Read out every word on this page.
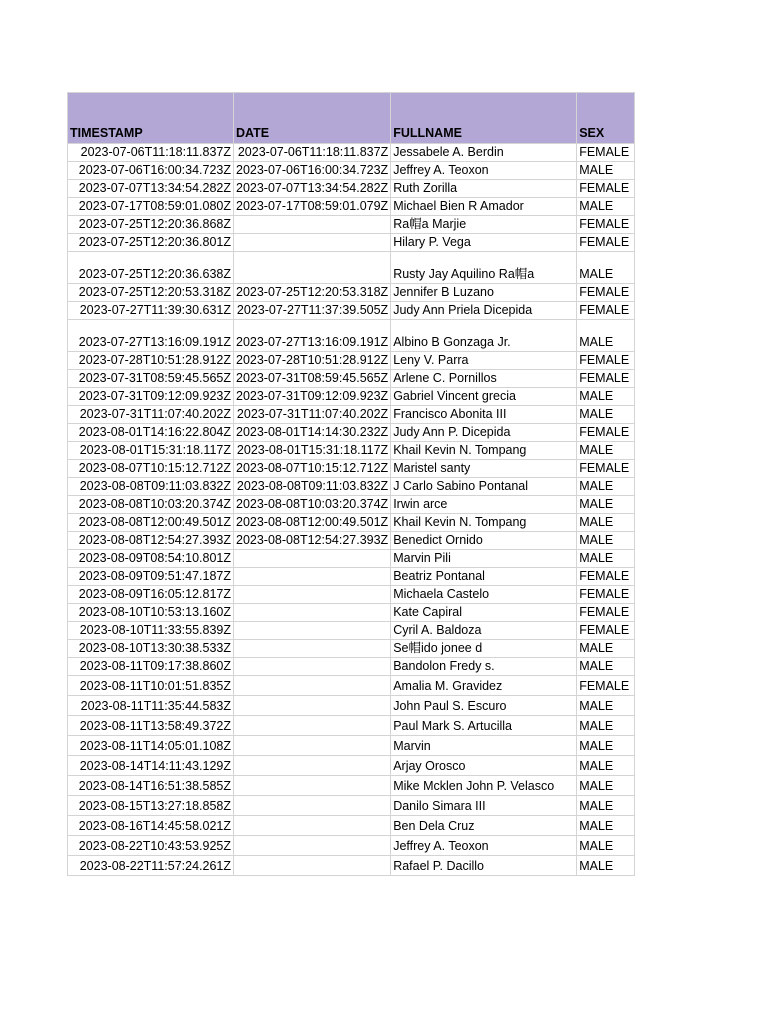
TIMESTAMP	DATE	FULLNAME	SEX
2023-07-06T11:18:11.837Z	2023-07-06T11:18:11.837Z	Jessabele A. Berdin	FEMALE
2023-07-06T16:00:34.723Z	2023-07-06T16:00:34.723Z	Jeffrey A. Teoxon	MALE
2023-07-07T13:34:54.282Z	2023-07-07T13:34:54.282Z	Ruth Zorilla	FEMALE
2023-07-17T08:59:01.080Z	2023-07-17T08:59:01.079Z	Michael Bien R Amador	MALE
2023-07-25T12:20:36.868Z		Ra帽a Marjie	FEMALE
2023-07-25T12:20:36.801Z		Hilary P. Vega	FEMALE
2023-07-25T12:20:36.638Z		Rusty Jay Aquilino Ra帽a	MALE
2023-07-25T12:20:53.318Z	2023-07-25T12:20:53.318Z	Jennifer B Luzano	FEMALE
2023-07-27T11:39:30.631Z	2023-07-27T11:37:39.505Z	Judy Ann Priela Dicepida	FEMALE
2023-07-27T13:16:09.191Z	2023-07-27T13:16:09.191Z	Albino B Gonzaga Jr.	MALE
2023-07-28T10:51:28.912Z	2023-07-28T10:51:28.912Z	Leny V. Parra	FEMALE
2023-07-31T08:59:45.565Z	2023-07-31T08:59:45.565Z	Arlene C. Pornillos	FEMALE
2023-07-31T09:12:09.923Z	2023-07-31T09:12:09.923Z	Gabriel Vincent grecia	MALE
2023-07-31T11:07:40.202Z	2023-07-31T11:07:40.202Z	Francisco Abonita III	MALE
2023-08-01T14:16:22.804Z	2023-08-01T14:14:30.232Z	Judy Ann P. Dicepida	FEMALE
2023-08-01T15:31:18.117Z	2023-08-01T15:31:18.117Z	Khail Kevin N. Tompang	MALE
2023-08-07T10:15:12.712Z	2023-08-07T10:15:12.712Z	Maristel santy	FEMALE
2023-08-08T09:11:03.832Z	2023-08-08T09:11:03.832Z	J Carlo Sabino Pontanal	MALE
2023-08-08T10:03:20.374Z	2023-08-08T10:03:20.374Z	Irwin arce	MALE
2023-08-08T12:00:49.501Z	2023-08-08T12:00:49.501Z	Khail Kevin N. Tompang	MALE
2023-08-08T12:54:27.393Z	2023-08-08T12:54:27.393Z	Benedict Ornido	MALE
2023-08-09T08:54:10.801Z		Marvin Pili	MALE
2023-08-09T09:51:47.187Z		Beatriz Pontanal	FEMALE
2023-08-09T16:05:12.817Z		Michaela Castelo	FEMALE
2023-08-10T10:53:13.160Z		Kate Capiral	FEMALE
2023-08-10T11:33:55.839Z		Cyril A. Baldoza	FEMALE
2023-08-10T13:30:38.533Z		Se帽ido jonee d	MALE
2023-08-11T09:17:38.860Z		Bandolon Fredy s.	MALE
2023-08-11T10:01:51.835Z		Amalia M. Gravidez	FEMALE
2023-08-11T11:35:44.583Z		John Paul S. Escuro	MALE
2023-08-11T13:58:49.372Z		Paul Mark S. Artucilla	MALE
2023-08-11T14:05:01.108Z		Marvin	MALE
2023-08-14T14:11:43.129Z		Arjay Orosco	MALE
2023-08-14T16:51:38.585Z		Mike Mcklen John P. Velasco	MALE
2023-08-15T13:27:18.858Z		Danilo Simara III	MALE
2023-08-16T14:45:58.021Z		Ben Dela Cruz	MALE
2023-08-22T10:43:53.925Z		Jeffrey A. Teoxon	MALE
2023-08-22T11:57:24.261Z		Rafael P. Dacillo	MALE
